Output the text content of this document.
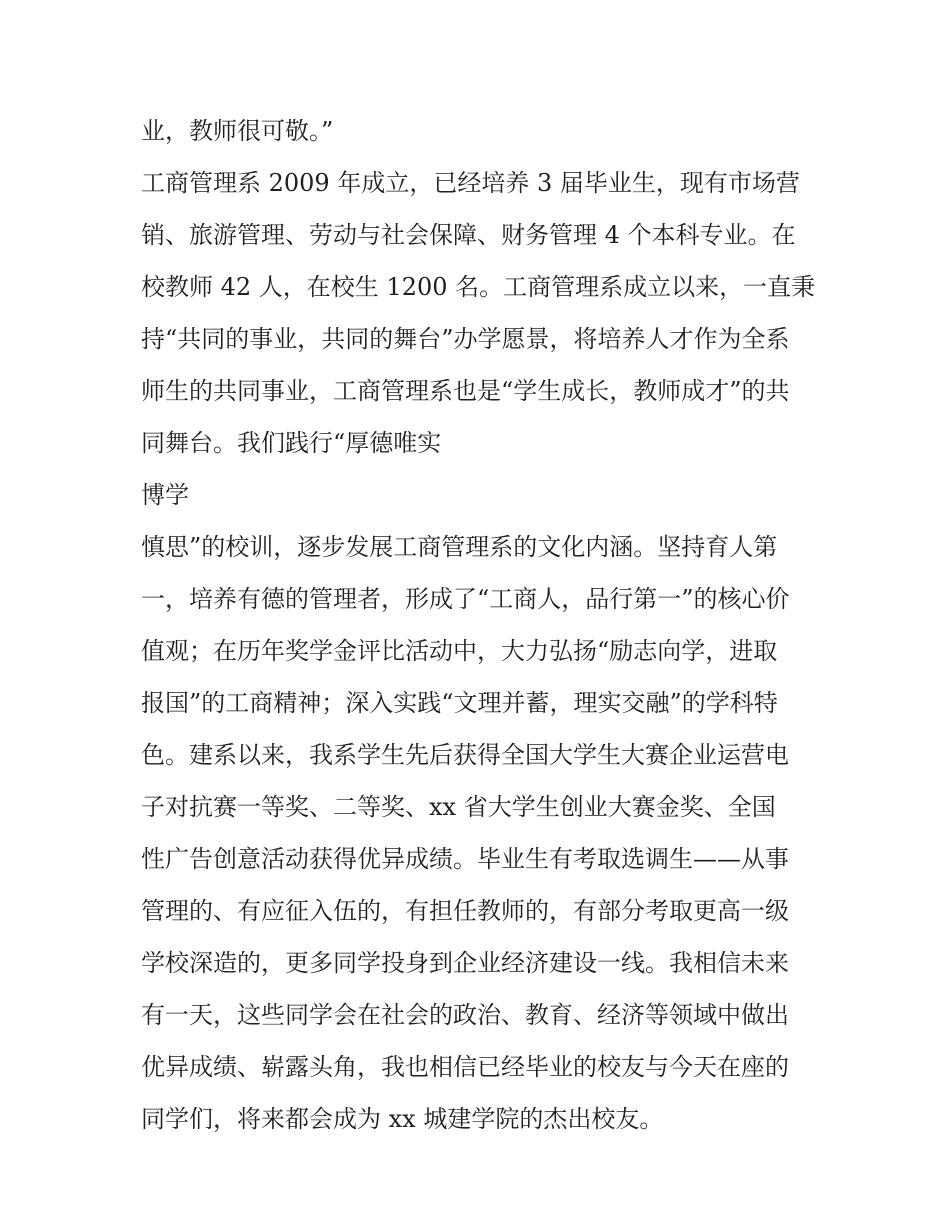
业，教师很可敬。”
工商管理系 2009 年成立，已经培养 3 届毕业生，现有市场营
销、旅游管理、劳动与社会保障、财务管理 4 个本科专业。在
校教师 42 人，在校生 1200 名。工商管理系成立以来，一直秉
持“共同的事业，共同的舞台”办学愿景，将培养人才作为全系
师生的共同事业，工商管理系也是“学生成长，教师成才”的共
同舞台。我们践行“厚德唯实
博学
慎思”的校训，逐步发展工商管理系的文化内涵。坚持育人第
一，培养有德的管理者，形成了“工商人，品行第一”的核心价
值观；在历年奖学金评比活动中，大力弘扬“励志向学，进取
报国”的工商精神；深入实践“文理并蓄，理实交融”的学科特
色。建系以来，我系学生先后获得全国大学生大赛企业运营电
子对抗赛一等奖、二等奖、xx 省大学生创业大赛金奖、全国
性广告创意活动获得优异成绩。毕业生有考取选调生——从事
管理的、有应征入伍的，有担任教师的，有部分考取更高一级
学校深造的，更多同学投身到企业经济建设一线。我相信未来
有一天，这些同学会在社会的政治、教育、经济等领域中做出
优异成绩、崭露头角，我也相信已经毕业的校友与今天在座的
同学们，将来都会成为 xx 城建学院的杰出校友。
